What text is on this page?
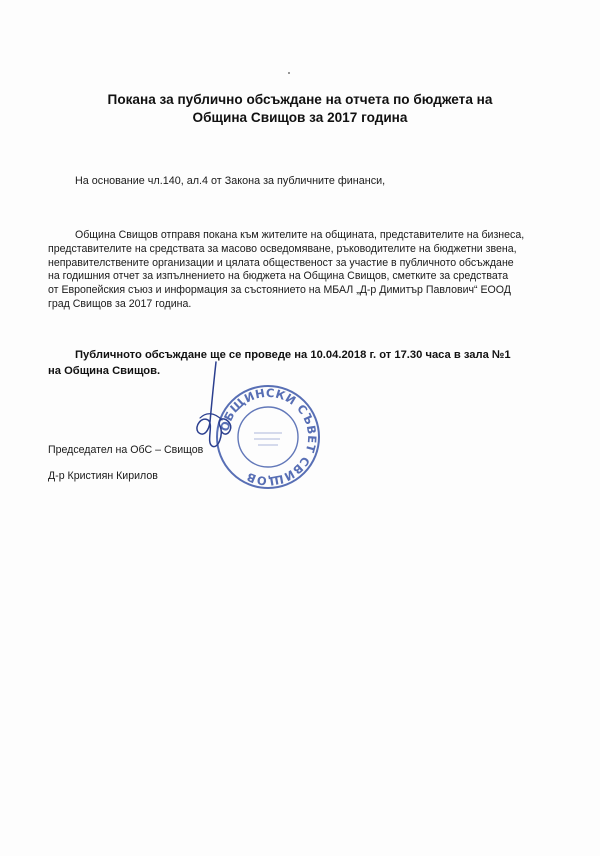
Покана за публично обсъждане на отчета по бюджета на
Община Свищов за 2017 година
На основание чл.140, ал.4 от Закона за публичните финанси,
Община Свищов отправя покана към жителите на общината, представителите на бизнеса,
представителите на средствата за масово осведомяване, ръководителите на бюджетни звена,
неправителствените организации и цялата общественост за участие в публичното обсъждане
на годишния отчет за изпълнението на бюджета на Община Свищов, сметките за средствата
от Европейския съюз и информация за състоянието на МБАЛ „Д-р Димитър Павлович“ ЕООД
град Свищов за 2017 година.
Публичното обсъждане ще се проведе на 10.04.2018 г. от 17.30 часа в зала №1
на Община Свищов.
ОБЩИНСКИ СЪВЕТ СВИЩОВ
Председател на ОбС – Свищов
Д-р Кристиян Кирилов
